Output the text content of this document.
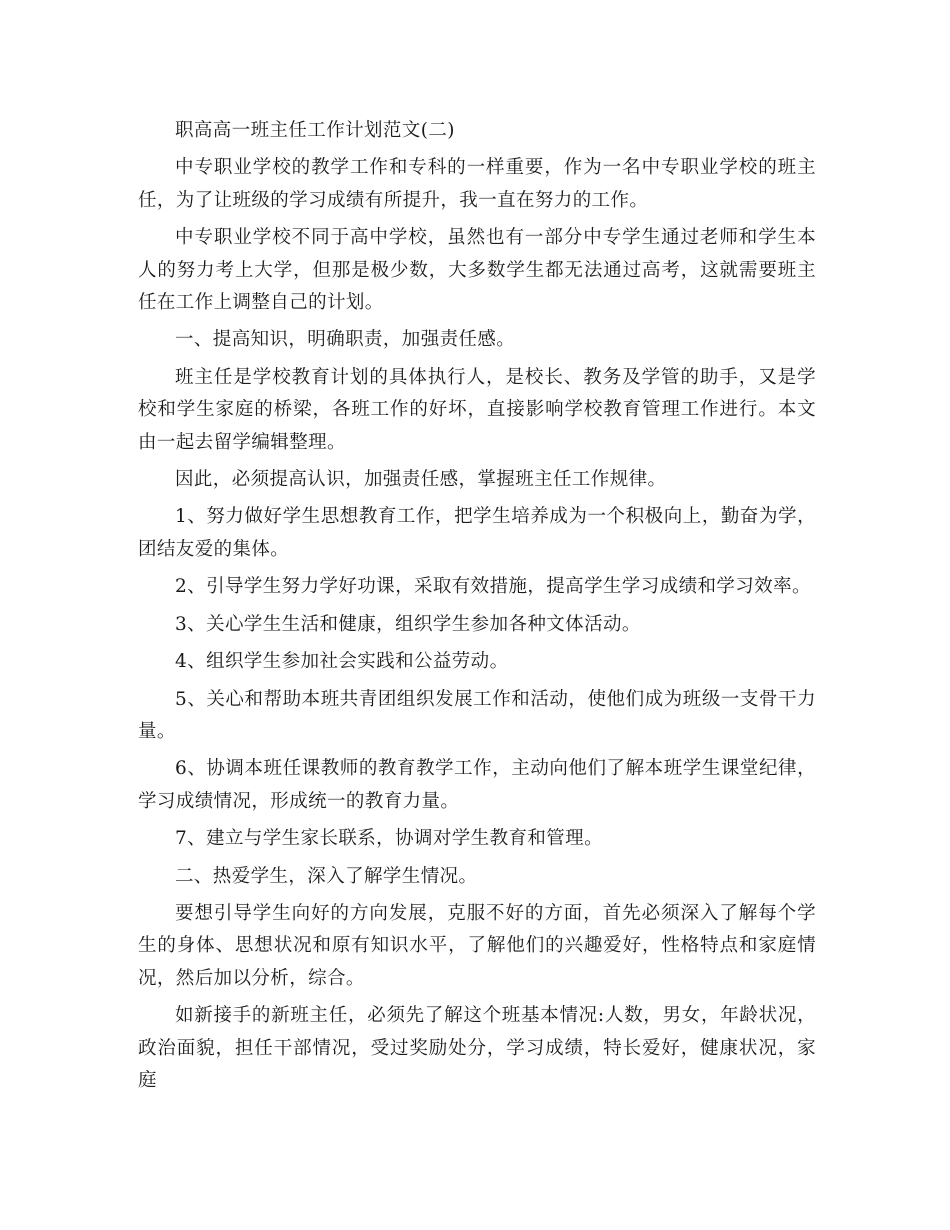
职高高一班主任工作计划范文(二)

中专职业学校的教学工作和专科的一样重要，作为一名中专职业学校的班主任，为了让班级的学习成绩有所提升，我一直在努力的工作。

中专职业学校不同于高中学校，虽然也有一部分中专学生通过老师和学生本人的努力考上大学，但那是极少数，大多数学生都无法通过高考，这就需要班主任在工作上调整自己的计划。

一、提高知识，明确职责，加强责任感。

班主任是学校教育计划的具体执行人，是校长、教务及学管的助手，又是学校和学生家庭的桥梁，各班工作的好坏，直接影响学校教育管理工作进行。本文由一起去留学编辑整理。

因此，必须提高认识，加强责任感，掌握班主任工作规律。

1、努力做好学生思想教育工作，把学生培养成为一个积极向上，勤奋为学，团结友爱的集体。

2、引导学生努力学好功课，采取有效措施，提高学生学习成绩和学习效率。

3、关心学生生活和健康，组织学生参加各种文体活动。

4、组织学生参加社会实践和公益劳动。

5、关心和帮助本班共青团组织发展工作和活动，使他们成为班级一支骨干力量。

6、协调本班任课教师的教育教学工作，主动向他们了解本班学生课堂纪律，学习成绩情况，形成统一的教育力量。

7、建立与学生家长联系，协调对学生教育和管理。

二、热爱学生，深入了解学生情况。

要想引导学生向好的方向发展，克服不好的方面，首先必须深入了解每个学生的身体、思想状况和原有知识水平，了解他们的兴趣爱好，性格特点和家庭情况，然后加以分析，综合。

如新接手的新班主任，必须先了解这个班基本情况:人数，男女，年龄状况，政治面貌，担任干部情况，受过奖励处分，学习成绩，特长爱好，健康状况，家庭
